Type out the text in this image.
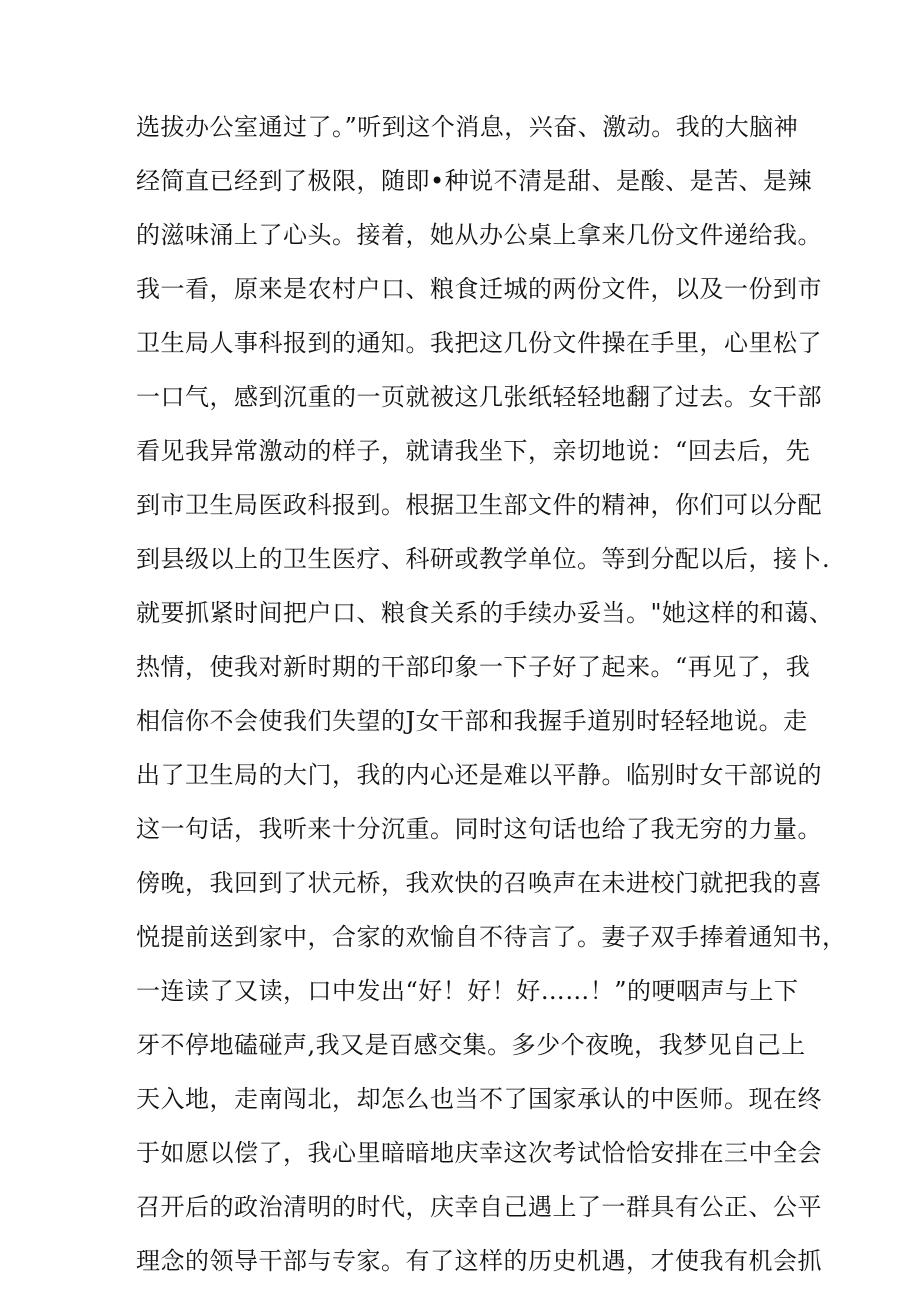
选拔办公室通过了。”听到这个消息，兴奋、激动。我的大脑神
经简直已经到了极限，随即•种说不清是甜、是酸、是苦、是辣
的滋味涌上了心头。接着，她从办公桌上拿来几份文件递给我。
我一看，原来是农村户口、粮食迁城的两份文件，以及一份到市
卫生局人事科报到的通知。我把这几份文件操在手里，心里松了
一口气，感到沉重的一页就被这几张纸轻轻地翻了过去。女干部
看见我异常激动的样子，就请我坐下，亲切地说：“回去后，先
到市卫生局医政科报到。根据卫生部文件的精神，你们可以分配
到县级以上的卫生医疗、科研或教学单位。等到分配以后，接卜.
就要抓紧时间把户口、粮食关系的手续办妥当。"她这样的和蔼、
热情，使我对新时期的干部印象一下子好了起来。“再见了，我
相信你不会使我们失望的J女干部和我握手道别时轻轻地说。走
出了卫生局的大门，我的内心还是难以平静。临别时女干部说的
这一句话，我听来十分沉重。同时这句话也给了我无穷的力量。
傍晚，我回到了状元桥，我欢快的召唤声在未进校门就把我的喜
悦提前送到家中，合家的欢愉自不待言了。妻子双手捧着通知书，
一连读了又读，口中发出“好！好！好……！”的哽咽声与上下
牙不停地磕碰声,我又是百感交集。多少个夜晚，我梦见自己上
天入地，走南闯北，却怎么也当不了国家承认的中医师。现在终
于如愿以偿了，我心里暗暗地庆幸这次考试恰恰安排在三中全会
召开后的政治清明的时代，庆幸自己遇上了一群具有公正、公平
理念的领导干部与专家。有了这样的历史机遇，才使我有机会抓
